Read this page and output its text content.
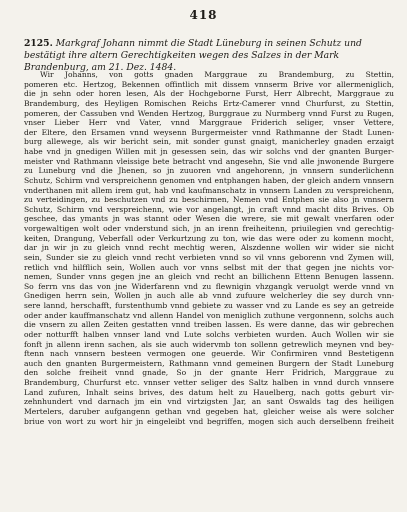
418
2125. Markgraf Johann nimmt die Stadt Lüneburg in seinen Schutz und bestätigt ihre altern Gerechtigkeiten wegen des Salzes in der Mark Brandenburg, am 21. Dez. 1484.
Wir Johanns, von gotts gnaden Marggraue zu Brandemburg, zu Stettin,
pomeren etc. Hertzog, Bekennen offintlich mit dissem vnnserm Brive vor allermeniglich,
die jn sehn oder horen lesen, Als der Hochgeborne Furst, Herr Albrecht, Marggraue zu
Brandemburg, des Heyligen Romischen Reichs Ertz-Camerer vnnd Churfurst, zu Stettin,
pomeren, der Cassuben vnd Wenden Hertzog, Burggraue zu Nurmberg vnnd Furst zu Rugen,
vnser Lieber Herr vnd Vater, vnnd Marggraue Friderich seliger, vnser Vettere,
der Eltere, den Ersamen vnnd weysenn Burgermeister vnnd Rathmanne der Stadt Lunen-
burg allewege, als wir bericht sein, mit sonder gunst gnaigt, manicherley gnaden erzaigt
habe vnd jn gnedigen Willen mit jn gesessen sein, das wir solchs vnd der gnanten Burger-
meister vnd Rathmann vleissige bete betracht vnd angesehn, Sie vnd alle jnwonende Burgere
zu Luneburg vnd die Jhenen, so jn zuuoren vnd angehorenn, jn vnnsern sunderlichenn
Schutz, Schirm vnd verspreichenn genomen vnd entphangen haben, der gleich andern vnnsern
vnderthanen mit allem irem gut, hab vnd kaufmanschatz in vnnsern Landen zu verspreichenn,
zu verteidingen, zu beschutzen vnd zu beschirmen, Nemen vnd Entphen sie also jn vnnsern
Schutz, Schirm vnd verspreichenn, wie vor angelangt, jn craft vnnd macht dits Brives. Ob
geschee, das ymants jn was stannt oder Wesen die wrere, sie mit gewalt vnerfaren oder
vorgewaltigen wolt oder vnderstund sich, jn an irenn freiheitenn, priuilegien vnd gerechtig-
keiten, Drangung, Veberfall oder Verkurtzung zu ton, wie das were oder zu komenn mocht,
dar jn wir jn zu gleich vnnd recht mechtig weren, Alszdenne wollen wir wider sie nicht
sein, Sunder sie zu gleich vnnd recht verbieten vnnd so vil vnns geborenn vnd Zymen will,
retlich vnd hilfflich sein, Wollen auch vor vnns selbst mit der that gegen jne nichts vor-
nemen, Sunder vnns gegen jne an gleich vnd recht an billichenn Ettenn Benugen lassenn.
So ferrn vns das von jne Widerfarenn vnd zu flewnigin vhzgangk veruolgt werde vnnd vn
Gnedigen herrn sein, Wollen jn auch alle ab vnnd zufuure welcherley die sey durch vnn-
sere lannd, herschafft, furstenthumb vnnd gebiete zu wasser vnd zu Lande es sey an getreide
oder ander kauffmanschatz vnd allenn Handel von meniglich zuthune vergonnenn, solchs auch
die vnsern zu allen Zeiten gestatten vnnd treiben lassen. Es were danne, das wir gebrechen
oder notturfft halben vnnser land vnd Lute solchs verbieten wurden. Auch Wollen wir sie
fonft jn allenn irenn sachen, als sie auch widervmb ton sollenn getrewlich meynen vnd bey-
ftenn nach vnnsern besteen vermogen one geuerde. Wir Confirmiren vnnd Bestetigenn
auch den gnanten Burgermeistern, Rathmann vnnd gemeinen Burgern der Stadt Luneburg
den solche freiheit vnnd gnade, So jn der gnante Herr Fridrich, Marggraue zu
Brandemburg, Churfurst etc. vnnser vetter seliger des Saltz halben in vnnd durch vnnsere
Land zufuren, Inhalt seins brives, des datum helt zu Hauelberg, nach gotts geburt vir-
zehnhundert vnd darnach jm ein vnd virtzigsten Jar, an sant Oswalds tag des heiligen
Mertelers, daruber aufgangenn gethan vnd gegeben hat, gleicher weise als were solcher
briue von wort zu wort hir jn eingeleibt vnd begriffen, mogen sich auch derselbenn freiheit
